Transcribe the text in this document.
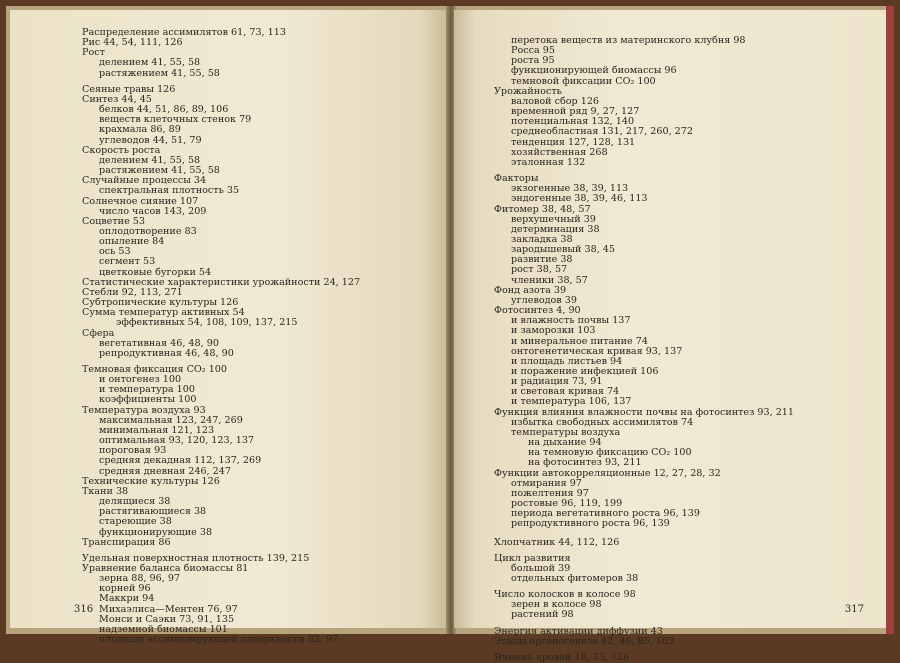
Распределение ассимилятов 61, 73, 113
Рис 44, 54, 111, 126
Рост
делением 41, 55, 58
растяжением 41, 55, 58
Сеяные травы 126
Синтез 44, 45
белков 44, 51, 86, 89, 106
веществ клеточных стенок 79
крахмала 86, 89
углеводов 44, 51, 79
Скорость роста
делением 41, 55, 58
растяжением 41, 55, 58
Случайные процессы 34
спектральная плотность 35
Солнечное сияние 107
число часов 143, 209
Соцветие 53
оплодотворение 83
опыление 84
ось 53
сегмент 53
цветковые бугорки 54
Статистические характеристики урожайности 24, 127
Стебли 92, 113, 271
Субтропические культуры 126
Сумма температур активных 54
эффективных 54, 108, 109, 137, 215
Сфера
вегетативная 46, 48, 90
репродуктивная 46, 48, 90
Темновая фиксация CO₂ 100
и онтогенез 100
и температура 100
коэффициенты 100
Температура воздуха 93
максимальная 123, 247, 269
минимальная 121, 123
оптимальная 93, 120, 123, 137
пороговая 93
средняя декадная 112, 137, 269
средняя дневная 246, 247
Технические культуры 126
Ткани 38
делящиеся 38
растягивающиеся 38
стареющие 38
функционирующие 38
Транспирация 86
Удельная поверхностная плотность 139, 215
Уравнение баланса биомассы 81
зерна 88, 96, 97
корней 96
Маккри 94
Михаэлиса—Ментен 76, 97
Монси и Саэки 73, 91, 135
надземной биомассы 101
площади ассимилирующей поверхности 82, 97
316
перетока веществ из материнского клубня 98
Росса 95
роста 95
функционирующей биомассы 96
темновой фиксации CO₂ 100
Урожайность
валовой сбор 126
временной ряд 9, 27, 127
потенциальная 132, 140
среднеобластная 131, 217, 260, 272
тенденция 127, 128, 131
хозяйственная 268
эталонная 132
Факторы
экзогенные 38, 39, 113
эндогенные 38, 39, 46, 113
Фитомер 38, 48, 57
верхушечный 39
детерминация 38
закладка 38
зародышевый 38, 45
развитие 38
рост 38, 57
членики 38, 57
Фонд азота 39
углеводов 39
Фотосинтез 4, 90
и влажность почвы 137
и заморозки 103
и минеральное питание 74
онтогенетическая кривая 93, 137
и площадь листьев 94
и поражение инфекцией 106
и радиация 73, 91
и световая кривая 74
и температура 106, 137
Функция влияния влажности почвы на фотосинтез 93, 211
избытка свободных ассимилятов 74
температуры воздуха
на дыхание 94
на темновую фиксацию CO₂ 100
на фотосинтез 93, 211
Функции автокорреляционные 12, 27, 28, 32
отмирания 97
пожелтения 97
ростовые 96, 119, 199
периода вегетативного роста 96, 139
репродуктивного роста 96, 139
Хлопчатник 44, 112, 126
Цикл развития
большой 39
отдельных фитомеров 38
Число колосков в колосе 98
зерен в колосе 98
растений 98
Энергия активации диффузии 43
Этапы органогенеза 42, 46, 85, 103
Ячмень яровой 18, 33, 126
317
